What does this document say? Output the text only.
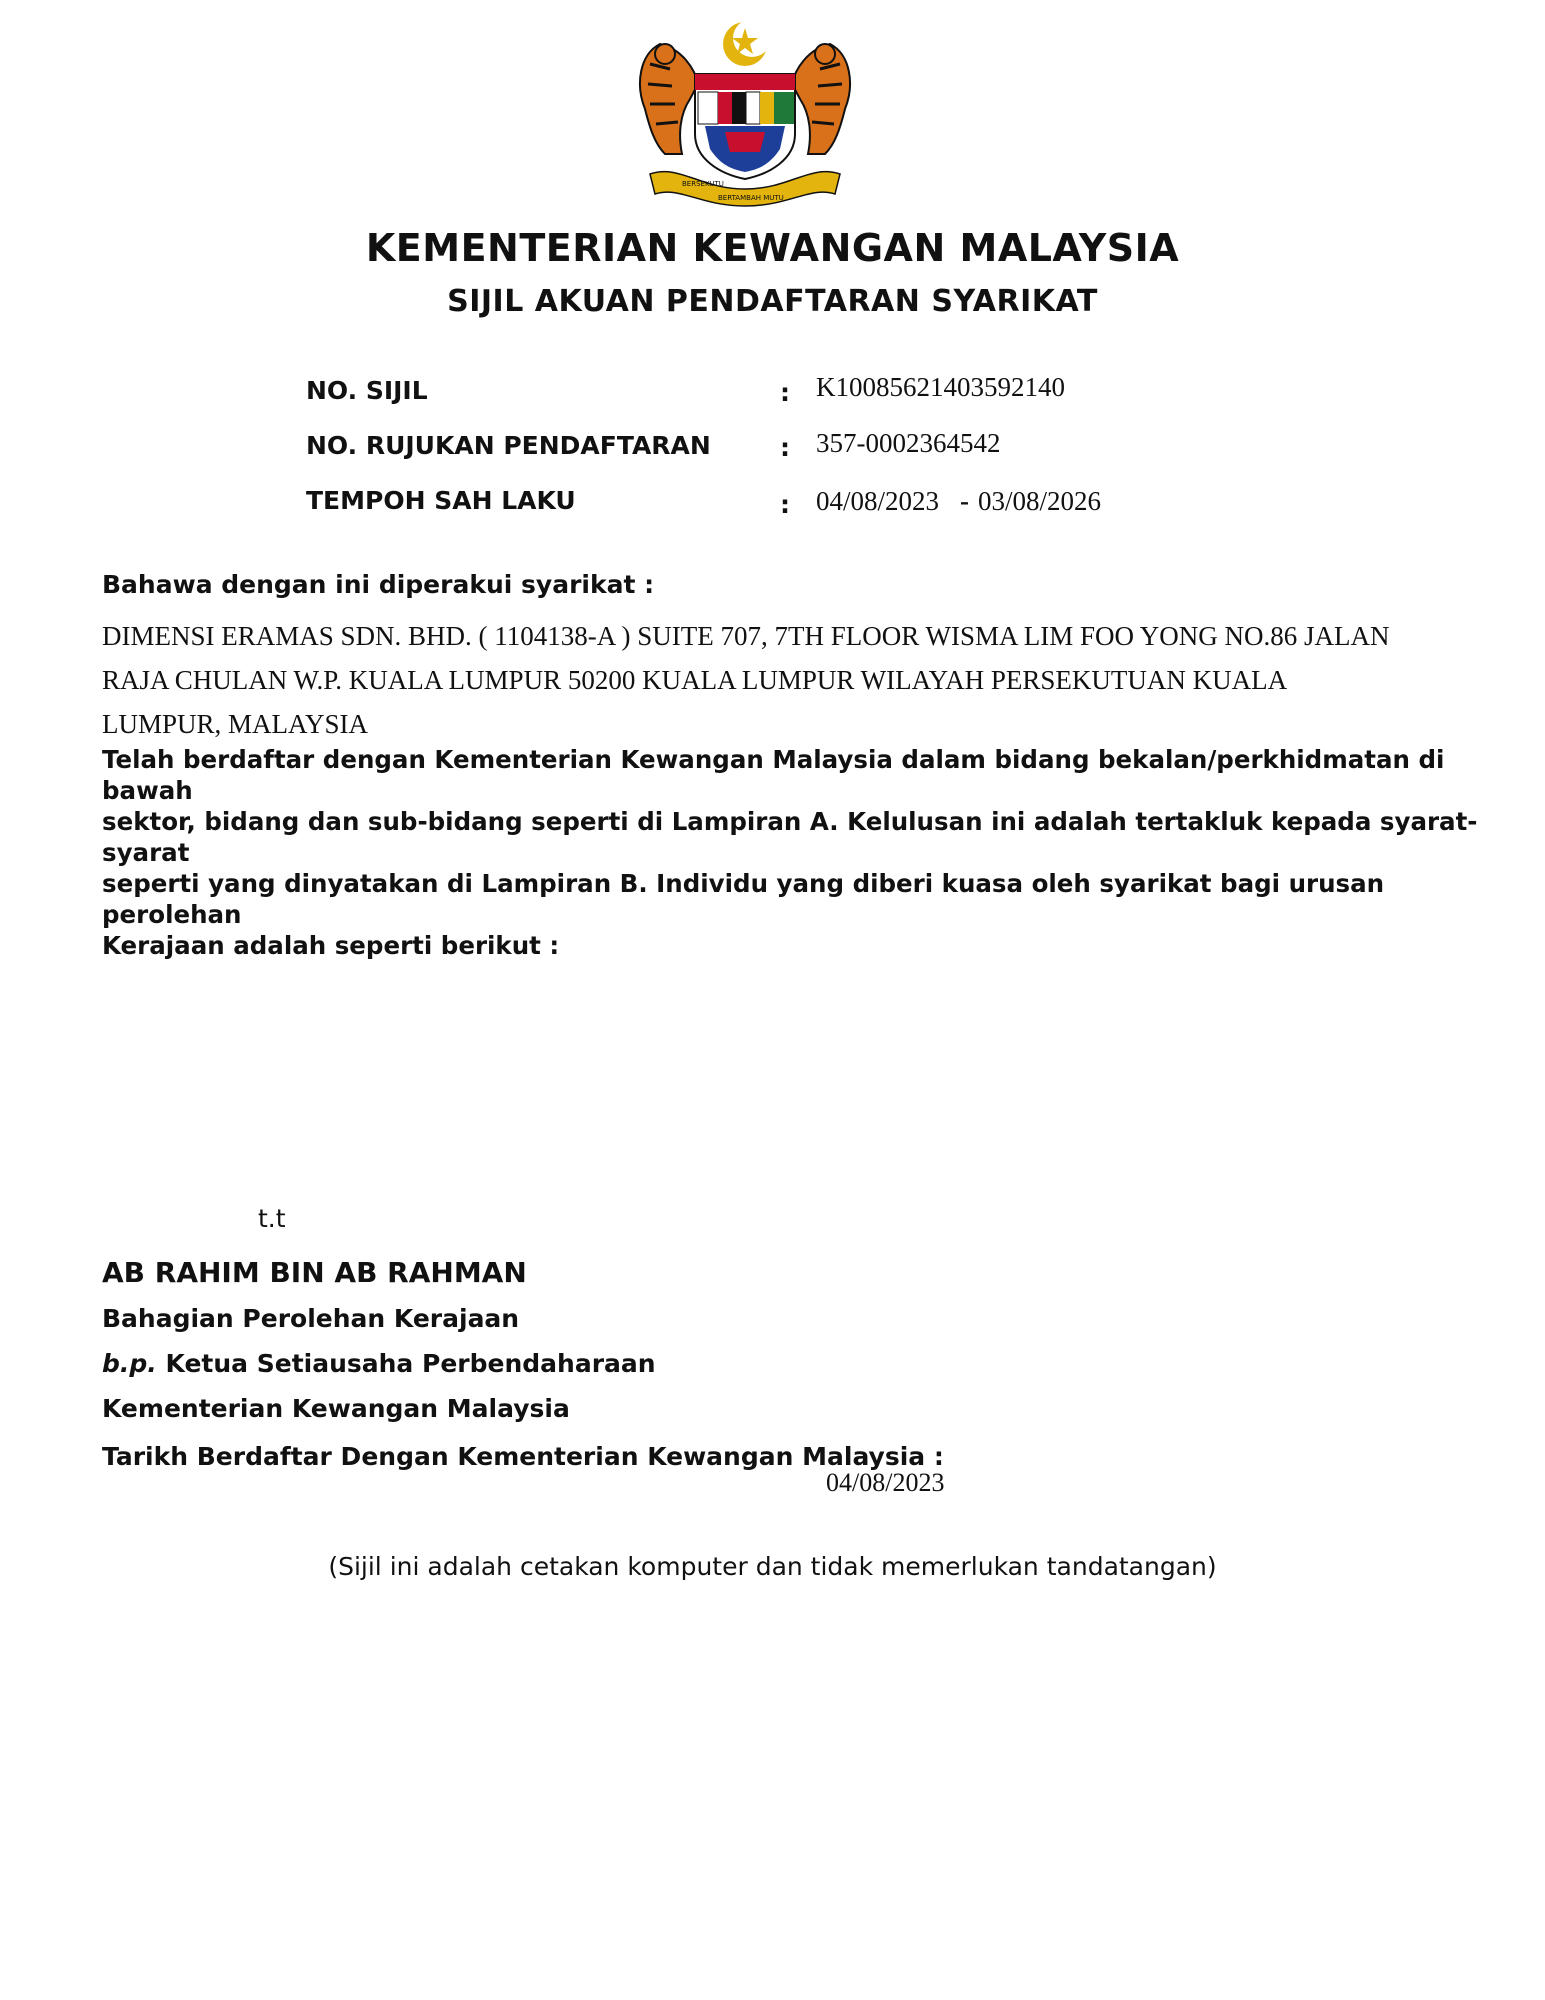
BERSEKUTU
BERTAMBAH MUTU
KEMENTERIAN KEWANGAN MALAYSIA
SIJIL AKUAN PENDAFTARAN SYARIKAT
NO. SIJIL	: K10085621403592140
NO. RUJUKAN PENDAFTARAN	: 357-0002364542
TEMPOH SAH LAKU	: 04/08/2023 - 03/08/2026
Bahawa dengan ini diperakui syarikat :
DIMENSI ERAMAS SDN. BHD. ( 1104138-A ) SUITE 707, 7TH FLOOR WISMA LIM FOO YONG NO.86 JALAN
RAJA CHULAN W.P. KUALA LUMPUR 50200 KUALA LUMPUR WILAYAH PERSEKUTUAN KUALA
LUMPUR, MALAYSIA
Telah berdaftar dengan Kementerian Kewangan Malaysia dalam bidang bekalan/perkhidmatan di bawah
sektor, bidang dan sub-bidang seperti di Lampiran A. Kelulusan ini adalah tertakluk kepada syarat-syarat
seperti yang dinyatakan di Lampiran B. Individu yang diberi kuasa oleh syarikat bagi urusan perolehan
Kerajaan adalah seperti berikut :
t.t
AB RAHIM BIN AB RAHMAN
Bahagian Perolehan Kerajaan
b.p. Ketua Setiausaha Perbendaharaan
Kementerian Kewangan Malaysia
Tarikh Berdaftar Dengan Kementerian Kewangan Malaysia :
04/08/2023
(Sijil ini adalah cetakan komputer dan tidak memerlukan tandatangan)
